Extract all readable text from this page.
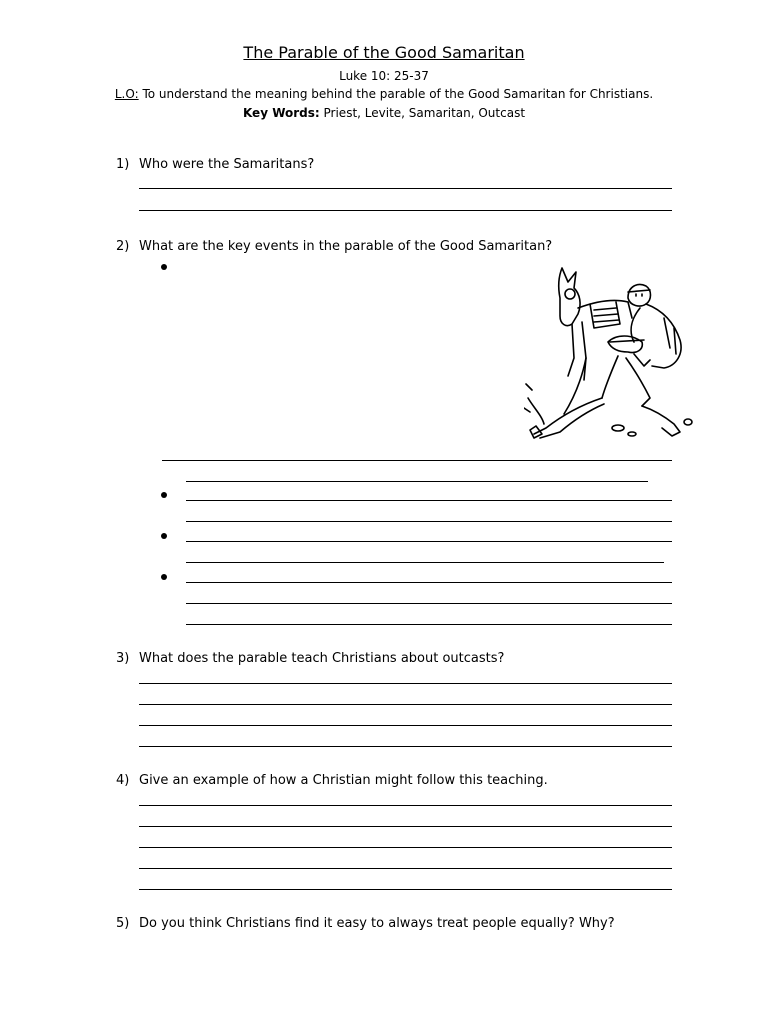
The Parable of the Good Samaritan
Luke 10: 25-37
L.O: To understand the meaning behind the parable of the Good Samaritan for Christians.
Key Words: Priest, Levite, Samaritan, Outcast
1) Who were the Samaritans?
2) What are the key events in the parable of the Good Samaritan?
3) What does the parable teach Christians about outcasts?
4) Give an example of how a Christian might follow this teaching.
5) Do you think Christians find it easy to always treat people equally? Why?
